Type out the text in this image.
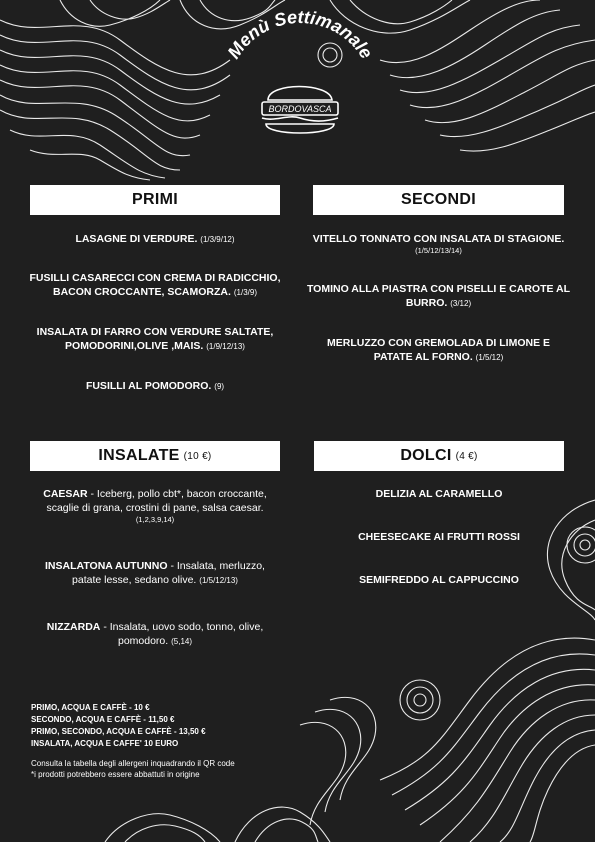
Menù Settimanale
BORDOVASCA
PRIMI
LASAGNE DI VERDURE. (1/3/9/12)
FUSILLI CASARECCI CON CREMA DI RADICCHIO,
BACON CROCCANTE, SCAMORZA. (1/3/9)
INSALATA DI FARRO CON VERDURE SALTATE,
POMODORINI,OLIVE ,MAIS. (1/9/12/13)
FUSILLI AL POMODORO. (9)
SECONDI
VITELLO TONNATO CON INSALATA DI STAGIONE.
(1/5/12/13/14)
TOMINO ALLA PIASTRA CON PISELLI E CAROTE AL
BURRO. (3/12)
MERLUZZO CON GREMOLADA DI LIMONE E
PATATE AL FORNO. (1/5/12)
INSALATE (10 €)
CAESAR - Iceberg, pollo cbt*, bacon croccante,
scaglie di grana, crostini di pane, salsa caesar.
(1,2,3,9,14)
INSALATONA AUTUNNO - Insalata, merluzzo,
patate lesse, sedano olive. (1/5/12/13)
NIZZARDA - Insalata, uovo sodo, tonno, olive,
pomodoro. (5,14)
DOLCI (4 €)
DELIZIA AL CARAMELLO
CHEESECAKE AI FRUTTI ROSSI
SEMIFREDDO AL CAPPUCCINO
PRIMO, ACQUA E CAFFÈ - 10 €
SECONDO, ACQUA E CAFFÈ - 11,50 €
PRIMO, SECONDO, ACQUA E CAFFÈ - 13,50 €
INSALATA, ACQUA E CAFFE' 10 EURO
Consulta la tabella degli allergeni inquadrando il QR code
*i prodotti potrebbero essere abbattuti in origine
